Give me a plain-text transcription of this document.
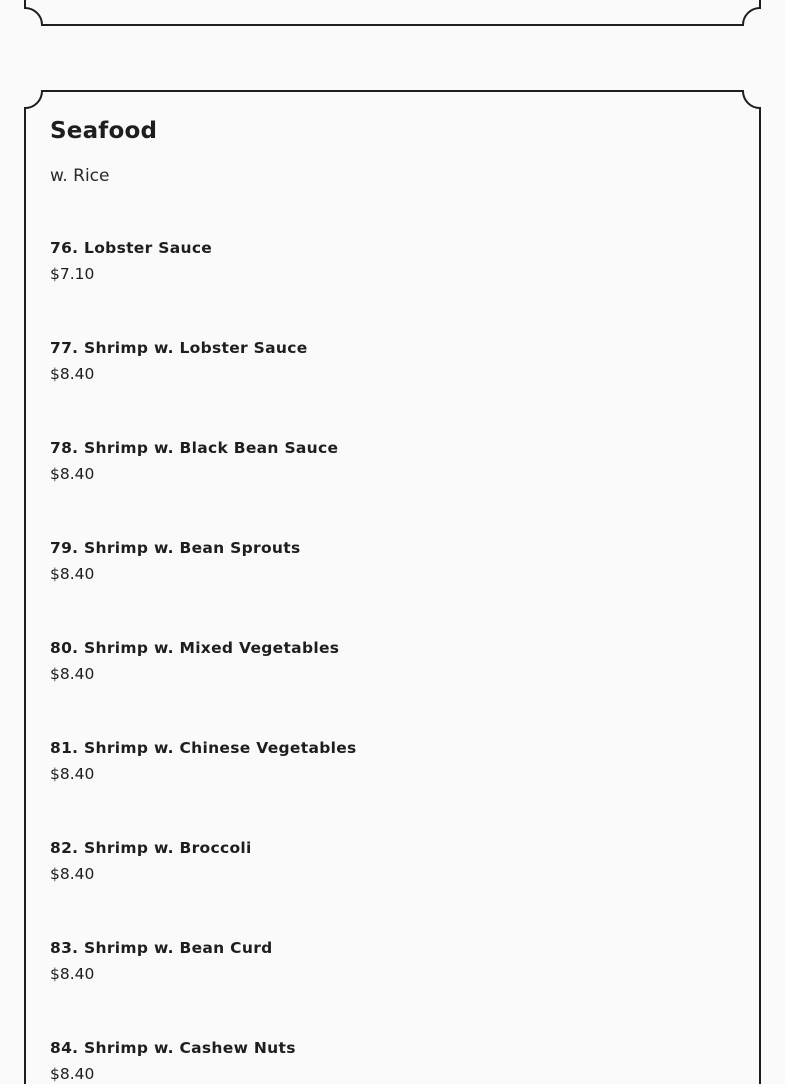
Seafood

w. Rice

76. Lobster Sauce
$7.10
77. Shrimp w. Lobster Sauce
$8.40
78. Shrimp w. Black Bean Sauce
$8.40
79. Shrimp w. Bean Sprouts
$8.40
80. Shrimp w. Mixed Vegetables
$8.40
81. Shrimp w. Chinese Vegetables
$8.40
82. Shrimp w. Broccoli
$8.40
83. Shrimp w. Bean Curd
$8.40
84. Shrimp w. Cashew Nuts
$8.40
